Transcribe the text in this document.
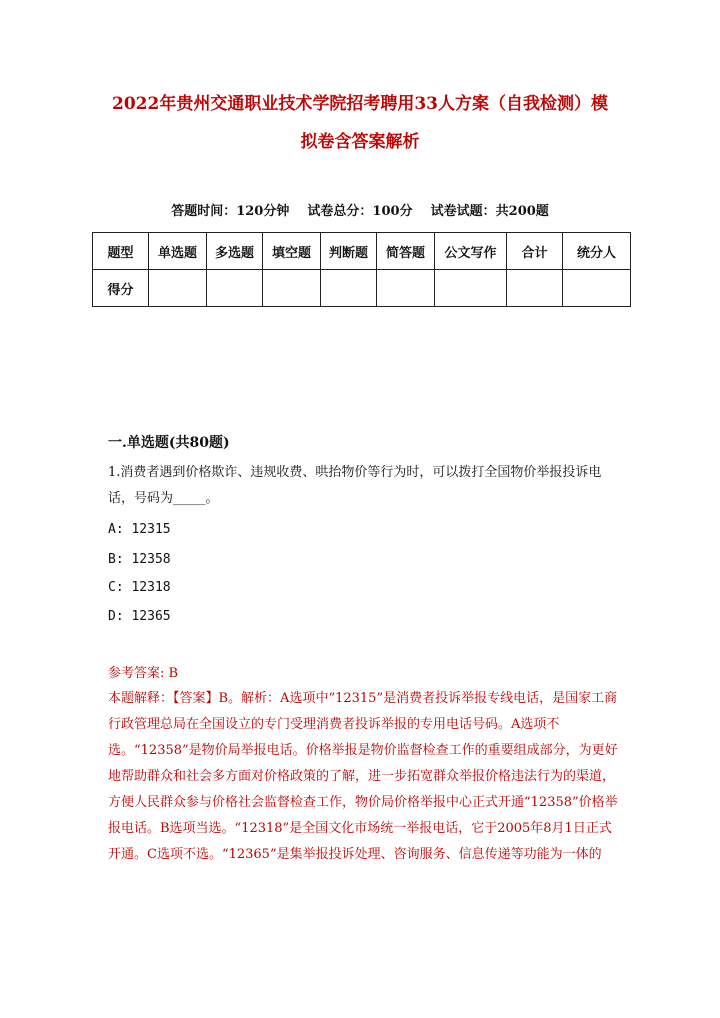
2022年贵州交通职业技术学院招考聘用33人方案（自我检测）模
拟卷含答案解析
答题时间：120分钟    试卷总分：100分    试卷试题：共200题
题型	单选题	多选题	填空题	判断题	简答题	公文写作	合计	统分人
得分								
一.单选题(共80题)
1.消费者遇到价格欺诈、违规收费、哄抬物价等行为时，可以拨打全国物价举报投诉电话，号码为_____。
A: 12315
B: 12358
C: 12318
D: 12365
参考答案: B
本题解释：【答案】B。解析：A选项中“12315”是消费者投诉举报专线电话，是国家工商行政管理总局在全国设立的专门受理消费者投诉举报的专用电话号码。A选项不选。“12358”是物价局举报电话。价格举报是物价监督检查工作的重要组成部分，为更好地帮助群众和社会多方面对价格政策的了解，进一步拓宽群众举报价格违法行为的渠道，方便人民群众参与价格社会监督检查工作，物价局价格举报中心正式开通“12358”价格举报电话。B选项当选。“12318”是全国文化市场统一举报电话，它于2005年8月1日正式开通。C选项不选。“12365”是集举报投诉处理、咨询服务、信息传递等功能为一体的
